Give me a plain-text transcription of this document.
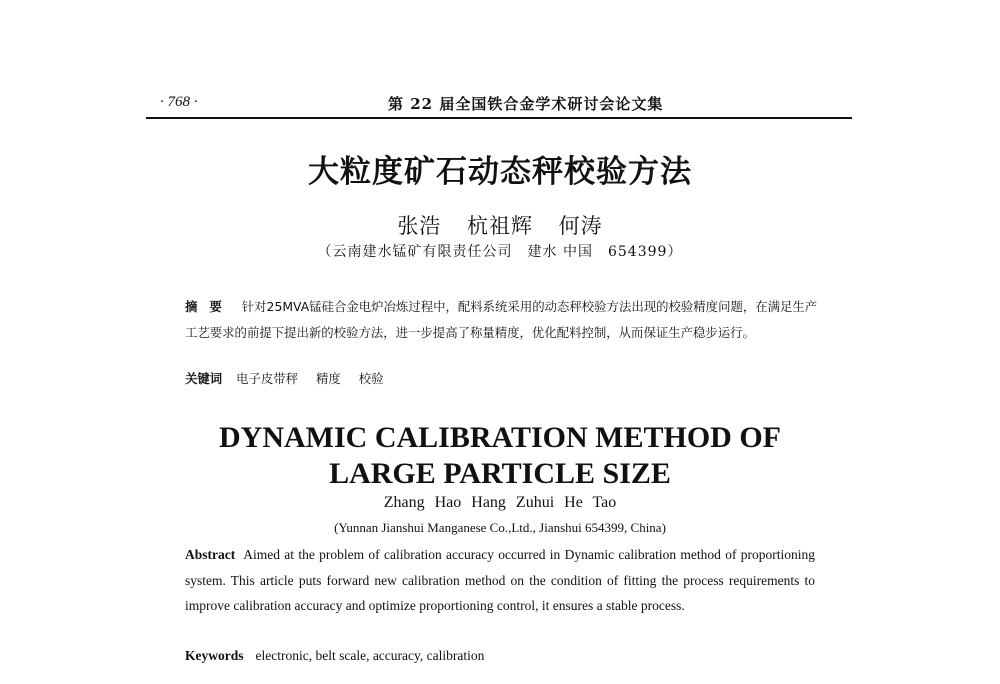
· 768 ·	第 22 届全国铁合金学术研讨会论文集
大粒度矿石动态秤校验方法
张浩 杭祖辉 何涛
（云南建水锰矿有限责任公司　建水 中国　654399）
摘要 针对25MVA锰硅合金电炉冶炼过程中，配料系统采用的动态秤校验方法出现的校验精度问题，在满足生产工艺要求的前提下提出新的校验方法，进一步提高了称量精度，优化配料控制，从而保证生产稳步运行。
关键词 电子皮带秤 精度 校验
DYNAMIC CALIBRATION METHOD OF
LARGE PARTICLE SIZE
Zhang Hao Hang Zuhui He Tao
(Yunnan Jianshui Manganese Co.,Ltd., Jianshui 654399, China)
Abstract Aimed at the problem of calibration accuracy occurred in Dynamic calibration method of proportioning system. This article puts forward new calibration method on the condition of fitting the process requirements to improve calibration accuracy and optimize proportioning control, it ensures a stable process.
Keywords electronic, belt scale, accuracy, calibration
